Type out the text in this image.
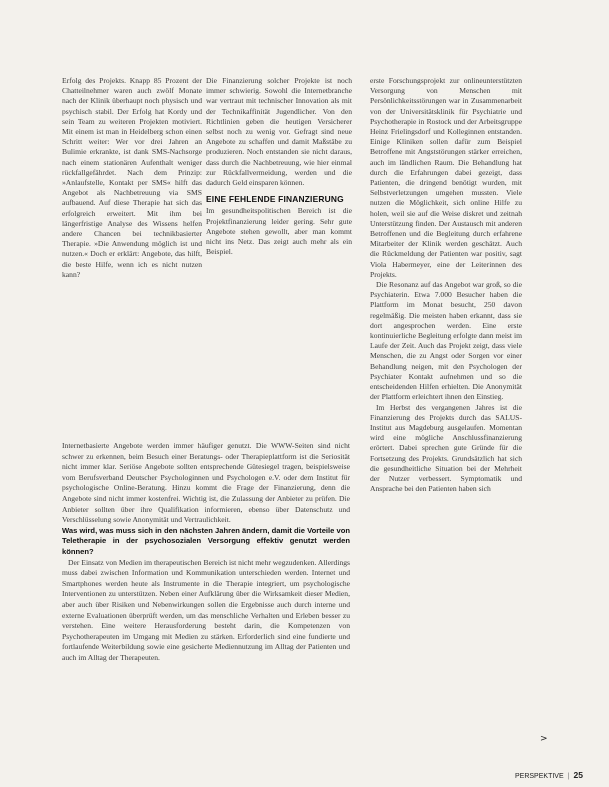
Erfolg des Projekts. Knapp 85 Prozent der Chatteilnehmer waren auch zwölf Monate nach der Klinik überhaupt noch physisch und psychisch stabil. Der Erfolg hat Kordy und sein Team zu weiteren Projekten motiviert. Mit einem ist man in Heidelberg schon einen Schritt weiter: Wer vor drei Jahren an Bulimie erkrankte, ist dank SMS-Nachsorge nach einem stationären Aufenthalt weniger rückfallgefährdet. Nach dem Prinzip: »Anlaufstelle, Kontakt per SMS« hilft das Angebot als Nachbetreuung via SMS aufbauend. Auf diese Therapie hat sich das erfolgreich erweitert. Mit ihm bei längerfristige Analyse des Wissens helfen andere Chancen bei technikbasierter Therapie. »Die Anwendung möglich ist und nutzen.« Doch er erklärt: Angebote, das hilft, die beste Hilfe, wenn ich es nicht nutzen kann?

Die Finanzierung solcher Projekte ist noch immer schwierig. Sowohl die Internetbranche war vertraut mit technischer Innovation als mit der Technikaffinität Jugendlicher. Von den Richtlinien geben die heutigen Versicherer selbst noch zu wenig vor. Gefragt sind neue Angebote zu schaffen und damit Maßstäbe zu produzieren. Noch entstanden sie nicht daraus, dass durch die Nachbetreuung, wie hier einmal zur Rückfallvermeidung, werden und die dadurch Geld einsparen können.

EINE FEHLENDE FINANZIERUNG

Im gesundheitspolitischen Bereich ist die Projektfinanzierung leider gering. Sehr gute Angebote stehen gewollt, aber man kommt nicht ins Netz. Das zeigt auch mehr als ein Beispiel.

erste Forschungsprojekt zur onlineunterstützten Versorgung von Menschen mit Persönlichkeitsstörungen war in Zusammenarbeit von der Universitätsklinik für Psychiatrie und Psychotherapie in Rostock und der Arbeitsgruppe Heinz Frielingsdorf und Kolleginnen entstanden. Einige Kliniken sollen dafür zum Beispiel Betroffene mit Angststörungen stärker erreichen, auch im ländlichen Raum. Die Behandlung hat durch die Erfahrungen dabei gezeigt, dass Patienten, die dringend benötigt wurden, mit Selbstverletzungen umgehen mussten. Viele nutzen die Möglichkeit, sich online Hilfe zu holen, weil sie auf die Weise diskret und zeitnah Unterstützung finden. Der Austausch mit anderen Betroffenen und die Begleitung durch erfahrene Mitarbeiter der Klinik werden geschätzt. Auch die Rückmeldung der Patienten war positiv, sagt Viola Habermeyer, eine der Leiterinnen des Projekts.

Die Resonanz auf das Angebot war groß, so die Psychiaterin. Etwa 7.000 Besucher haben die Plattform im Monat besucht, 250 davon regelmäßig. Die meisten haben erkannt, dass sie dort angesprochen werden. Eine erste kontinuierliche Begleitung erfolgte dann meist im Laufe der Zeit. Auch das Projekt zeigt, dass viele Menschen, die zu Angst oder Sorgen vor einer Behandlung neigen, mit den Psychologen der Psychiater Kontakt aufnehmen und so die entscheidenden Hilfen erhielten. Die Anonymität der Plattform erleichtert ihnen den Einstieg.

Im Herbst des vergangenen Jahres ist die Finanzierung des Projekts durch das SALUS-Institut aus Magdeburg ausgelaufen. Momentan wird eine mögliche Anschlussfinanzierung erörtert. Dabei sprechen gute Gründe für die Fortsetzung des Projekts. Grundsätzlich hat sich die gesundheitliche Situation bei der Mehrheit der Nutzer verbessert. Symptomatik und Ansprache bei den Patienten haben sich

Internetbasierte Angebote werden immer häufiger genutzt. Die WWW-Seiten sind nicht schwer zu erkennen, beim Besuch einer Beratungs- oder Therapieplattform ist die Seriosität nicht immer klar. Seriöse Angebote sollten entsprechende Gütesiegel tragen, beispielsweise vom Berufsverband Deutscher Psychologinnen und Psychologen e.V. oder dem Institut für psychologische Online-Beratung. Hinzu kommt die Frage der Finanzierung, denn die Angebote sind nicht immer kostenfrei. Wichtig ist, die Zulassung der Anbieter zu prüfen. Die Anbieter sollten über ihre Qualifikation informieren, ebenso über Datenschutz und Verschlüsselung sowie Anonymität und Vertraulichkeit.

Was wird, was muss sich in den nächsten Jahren ändern, damit die Vorteile von Teletherapie in der psychosozialen Versorgung effektiv genutzt werden können?

Der Einsatz von Medien im therapeutischen Bereich ist nicht mehr wegzudenken. Allerdings muss dabei zwischen Information und Kommunikation unterschieden werden. Internet und Smartphones werden heute als Instrumente in die Therapie integriert, um psychologische Interventionen zu unterstützen. Neben einer Aufklärung über die Wirksamkeit dieser Medien, aber auch über Risiken und Nebenwirkungen sollen die Ergebnisse auch durch interne und externe Evaluationen überprüft werden, um das menschliche Verhalten und Erleben besser zu verstehen. Eine weitere Herausforderung besteht darin, die Kompetenzen von Psychotherapeuten im Umgang mit Medien zu stärken. Erforderlich sind eine fundierte und fortlaufende Weiterbildung sowie eine gesicherte Mediennutzung im Alltag der Patienten und auch im Alltag der Therapeuten.

>
PERSPEKTIVE | 25
